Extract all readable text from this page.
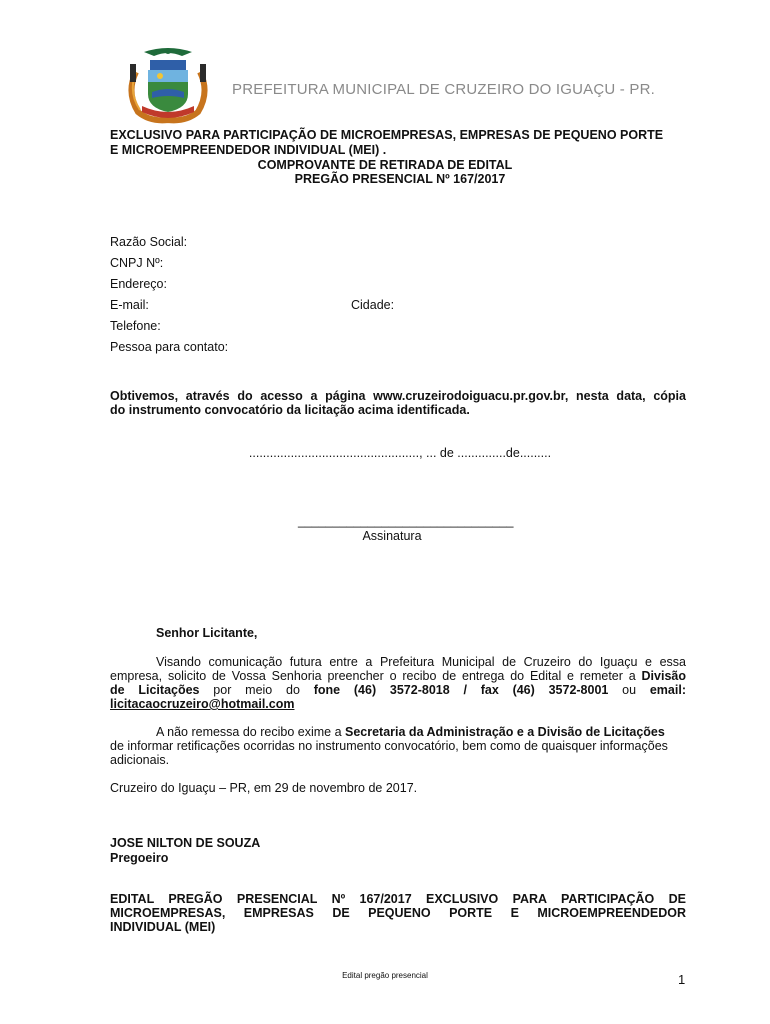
PREFEITURA MUNICIPAL DE CRUZEIRO DO IGUAÇU - PR.
EXCLUSIVO PARA PARTICIPAÇÃO DE MICROEMPRESAS, EMPRESAS DE PEQUENO PORTE
E MICROEMPREENDEDOR INDIVIDUAL (MEI) .
COMPROVANTE DE RETIRADA DE EDITAL
PREGÃO PRESENCIAL Nº 167/2017
Razão Social:
CNPJ Nº:
Endereço:
E-mail:	Cidade:
Telefone:
Pessoa para contato:
Obtivemos, através do acesso a página www.cruzeirodoiguacu.pr.gov.br, nesta data, cópia
do instrumento convocatório da licitação acima identificada.
................................................., ... de ..............de.........
_______________________________
Assinatura
Senhor Licitante,
Visando comunicação futura entre a Prefeitura Municipal de Cruzeiro do Iguaçu e essa
empresa, solicito de Vossa Senhoria preencher o recibo de entrega do Edital e remeter a Divisão
de Licitações por meio do fone (46) 3572-8018 / fax (46) 3572-8001 ou email:
licitacaocruzeiro@hotmail.com
A não remessa do recibo exime a Secretaria da Administração e a Divisão de Licitações
de informar retificações ocorridas no instrumento convocatório, bem como de quaisquer informações
adicionais.
Cruzeiro do Iguaçu – PR, em 29 de novembro de 2017.
JOSE NILTON DE SOUZA
Pregoeiro
EDITAL PREGÃO PRESENCIAL Nº 167/2017 EXCLUSIVO PARA PARTICIPAÇÃO DE
MICROEMPRESAS, EMPRESAS DE PEQUENO PORTE E MICROEMPREENDEDOR
INDIVIDUAL (MEI)
Edital pregão presencial	1
